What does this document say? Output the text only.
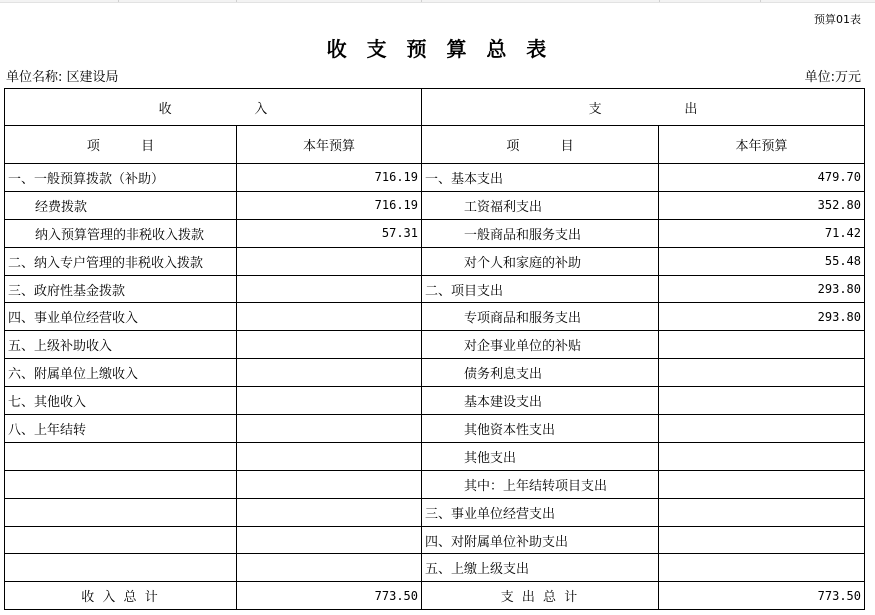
预算01表
收  支  预  算  总  表
单位名称: 区建设局	单位:万元
收                    入		支                    出	
项          目	本年预算	项          目	本年预算
一、一般预算拨款（补助）	716.19	一、基本支出	479.70
经费拨款	716.19	工资福利支出	352.80
纳入预算管理的非税收入拨款	57.31	一般商品和服务支出	71.42
二、纳入专户管理的非税收入拨款		对个人和家庭的补助	55.48
三、政府性基金拨款		二、项目支出	293.80
四、事业单位经营收入		专项商品和服务支出	293.80
五、上级补助收入		对企事业单位的补贴	
六、附属单位上缴收入		债务利息支出	
七、其他收入		基本建设支出	
八、上年结转		其他资本性支出	
		其他支出	
		其中：上年结转项目支出	
		三、事业单位经营支出	
		四、对附属单位补助支出	
		五、上缴上级支出	
收 入 总 计	773.50	支 出 总 计	773.50
